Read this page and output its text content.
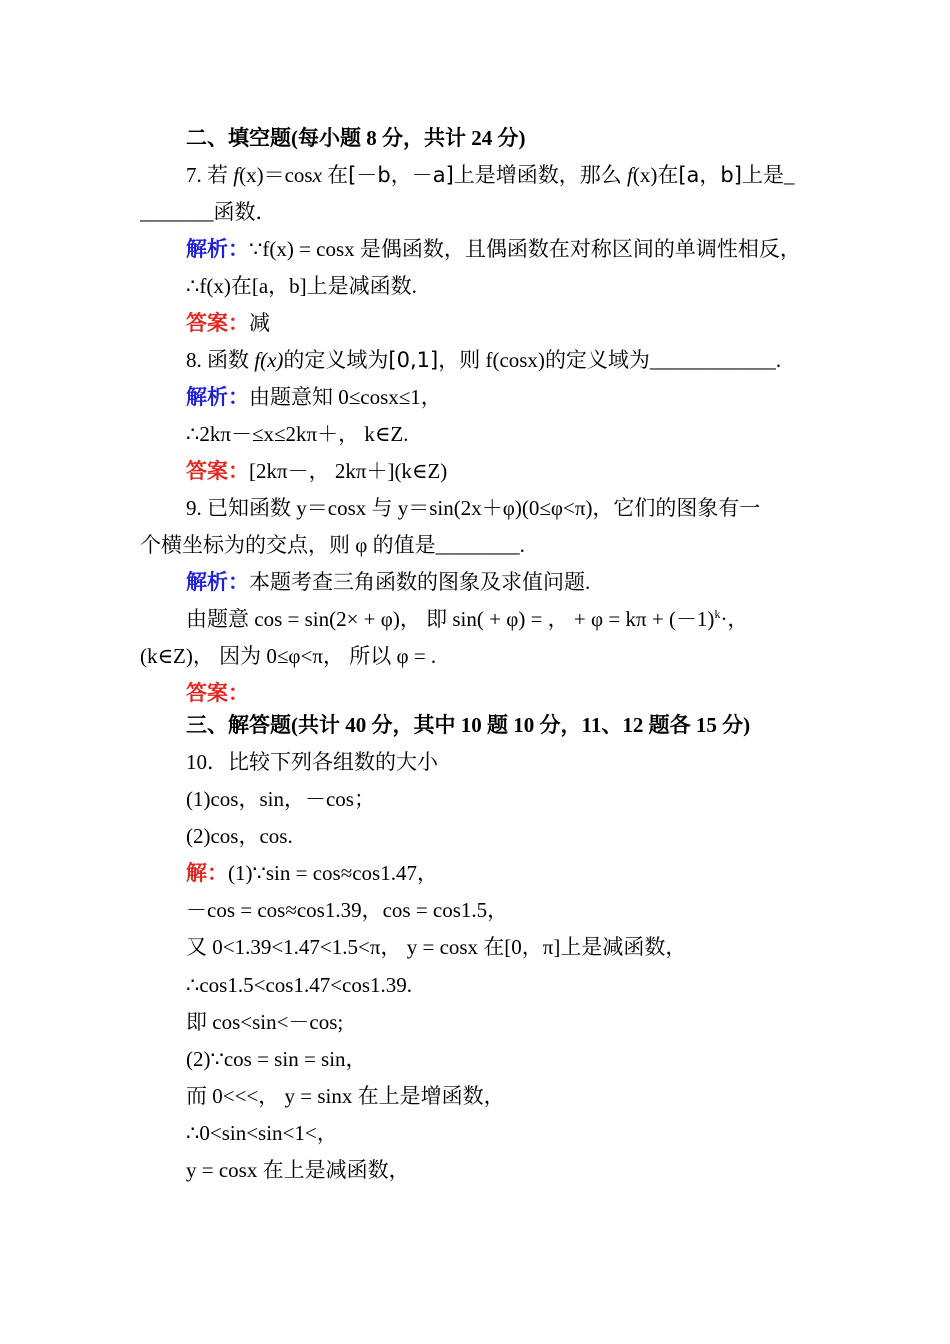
二、填空题(每小题 8 分，共计 24 分)
7. 若 f(x)＝cosx 在[－b，－a]上是增函数，那么 f(x)在[a，b]上是_
_______函数．
解析：∵f(x) = cosx 是偶函数，且偶函数在对称区间的单调性相反，
∴f(x)在[a，b]上是减函数.
答案：减
8. 函数 f(x)的定义域为[0,1]，则 f(cosx)的定义域为____________.
解析：由题意知 0≤cosx≤1，
∴2kπ－≤x≤2kπ＋， k∈Z.
答案：[2kπ－， 2kπ＋](k∈Z)
9. 已知函数 y＝cosx 与 y＝sin(2x＋φ)(0≤φ<π)，它们的图象有一
个横坐标为的交点，则 φ 的值是________.
解析：本题考查三角函数的图象及求值问题.
由题意 cos = sin(2× + φ)， 即 sin( + φ) = ， + $\varphi = k\pi + (-1)^k\cdot$，
(k∈Z)， 因为 0≤φ<π， 所以 φ = .
答案：
三、解答题(共计 40 分，其中 10 题 10 分，11、12 题各 15 分)
10．比较下列各组数的大小
(1)cos，sin，－cos；
(2)cos，cos.
解：(1)∵sin = cos≈cos1.47，
－cos = cos≈cos1.39，cos = cos1.5，
又 0<1.39<1.47<1.5<π， y = cosx 在[0，π]上是减函数，
∴cos1.5<cos1.47<cos1.39.
即 cos<sin<－cos;
(2)∵cos = sin = sin，
而 0<<<， y = sinx 在上是增函数，
∴0<sin<sin<1<，
y = cosx 在上是减函数，
